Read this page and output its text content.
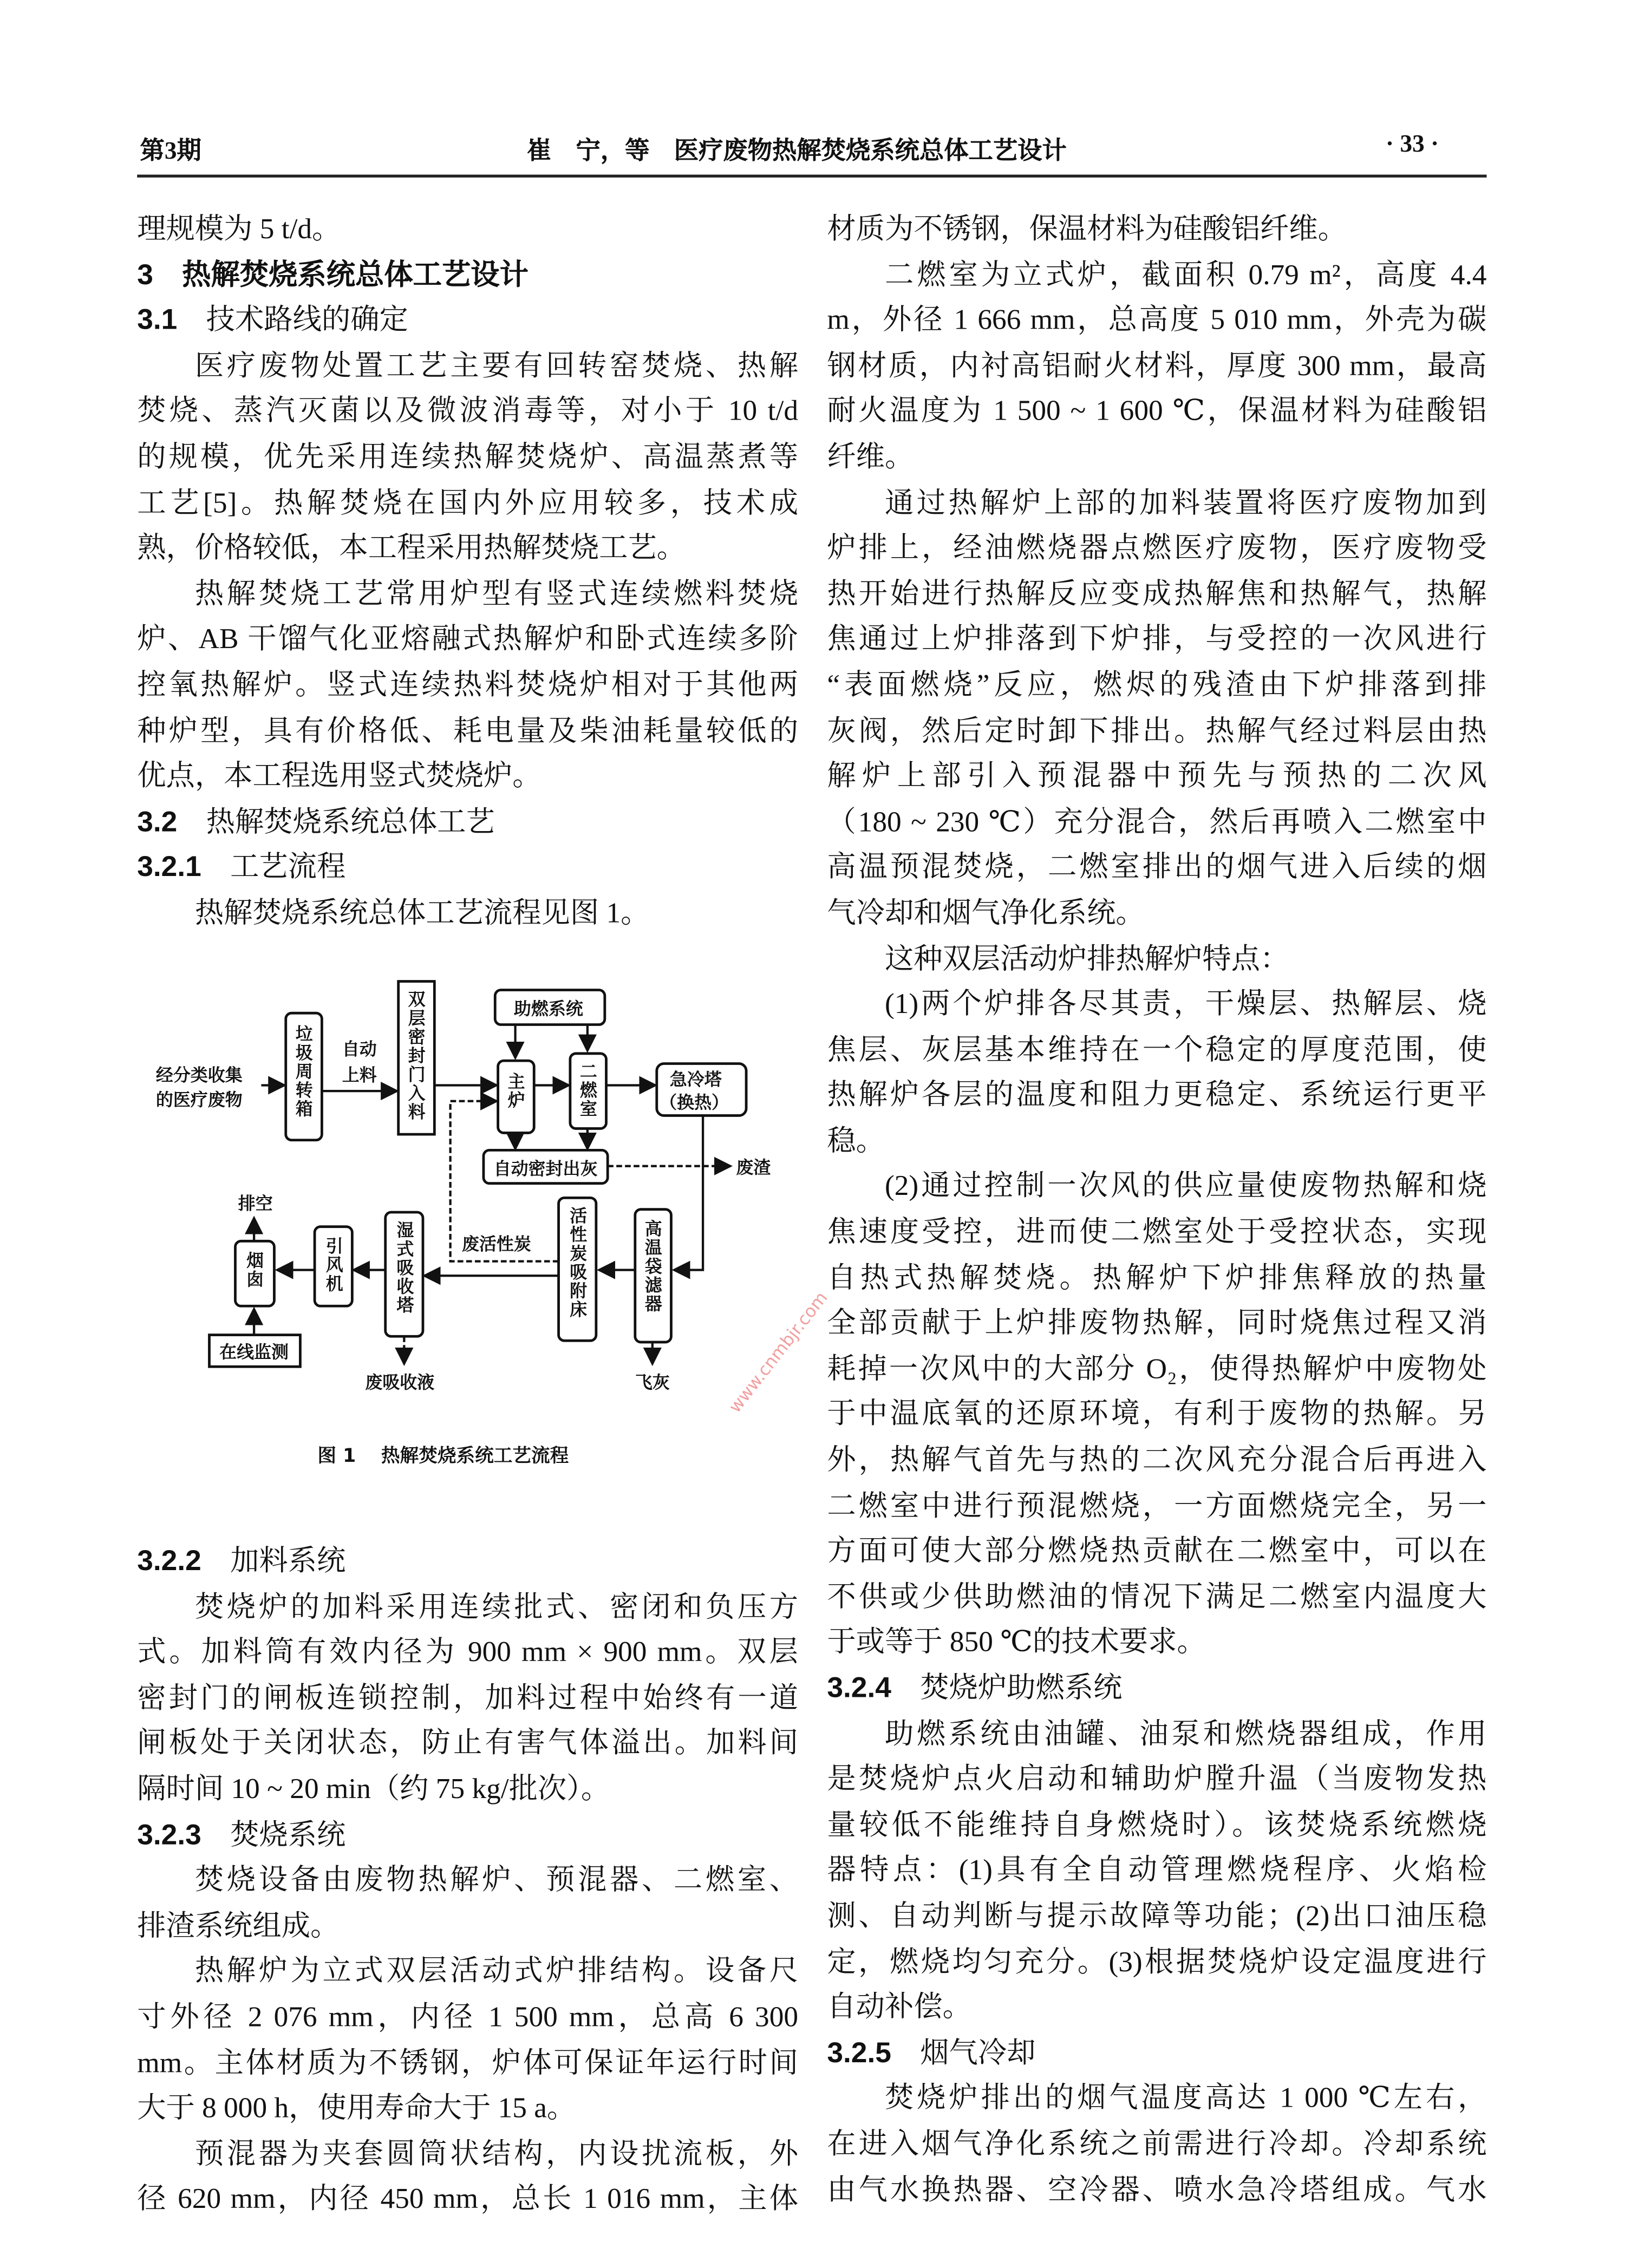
第3期	崔　宁，等　医疗废物热解焚烧系统总体工艺设计	· 33 ·
理规模为 5 t/d。
3	热解焚烧系统总体工艺设计
3.1	技术路线的确定
医疗废物处置工艺主要有回转窑焚烧、热解
焚烧、蒸汽灭菌以及微波消毒等，对小于 10 t/d
的规模，优先采用连续热解焚烧炉、高温蒸煮等
工艺[5]。热解焚烧在国内外应用较多，技术成
熟，价格较低，本工程采用热解焚烧工艺。
热解焚烧工艺常用炉型有竖式连续燃料焚烧
炉、AB 干馏气化亚熔融式热解炉和卧式连续多阶
控氧热解炉。竖式连续热料焚烧炉相对于其他两
种炉型，具有价格低、耗电量及柴油耗量较低的
优点，本工程选用竖式焚烧炉。
3.2	热解焚烧系统总体工艺
3.2.1	工艺流程
热解焚烧系统总体工艺流程见图 1。
3.2.2	加料系统
焚烧炉的加料采用连续批式、密闭和负压方
式。加料筒有效内径为 900 mm × 900 mm。双层
密封门的闸板连锁控制，加料过程中始终有一道
闸板处于关闭状态，防止有害气体溢出。加料间
隔时间 10 ~ 20 min（约 75 kg/批次）。
3.2.3	焚烧系统
焚烧设备由废物热解炉、预混器、二燃室、
排渣系统组成。
热解炉为立式双层活动式炉排结构。设备尺
寸外径 2 076 mm，内径 1 500 mm，总高 6 300
mm。主体材质为不锈钢，炉体可保证年运行时间
大于 8 000 h，使用寿命大于 15 a。
预混器为夹套圆筒状结构，内设扰流板，外
径 620 mm，内径 450 mm，总长 1 016 mm，主体
材质为不锈钢，保温材料为硅酸铝纤维。
二燃室为立式炉，截面积 0.79 m²，高度 4.4
m，外径 1 666 mm，总高度 5 010 mm，外壳为碳
钢材质，内衬高铝耐火材料，厚度 300 mm，最高
耐火温度为 1 500 ~ 1 600 ℃，保温材料为硅酸铝
纤维。
通过热解炉上部的加料装置将医疗废物加到
炉排上，经油燃烧器点燃医疗废物，医疗废物受
热开始进行热解反应变成热解焦和热解气，热解
焦通过上炉排落到下炉排，与受控的一次风进行
“表面燃烧”反应，燃烬的残渣由下炉排落到排
灰阀，然后定时卸下排出。热解气经过料层由热
解炉上部引入预混器中预先与预热的二次风
（180 ~ 230 ℃）充分混合，然后再喷入二燃室中
高温预混焚烧，二燃室排出的烟气进入后续的烟
气冷却和烟气净化系统。
这种双层活动炉排热解炉特点：
(1)两个炉排各尽其责，干燥层、热解层、烧
焦层、灰层基本维持在一个稳定的厚度范围，使
热解炉各层的温度和阻力更稳定、系统运行更平
稳。
(2)通过控制一次风的供应量使废物热解和烧
焦速度受控，进而使二燃室处于受控状态，实现
自热式热解焚烧。热解炉下炉排焦释放的热量
全部贡献于上炉排废物热解，同时烧焦过程又消
耗掉一次风中的大部分 O₂，使得热解炉中废物处
于中温底氧的还原环境，有利于废物的热解。另
外，热解气首先与热的二次风充分混合后再进入
二燃室中进行预混燃烧，一方面燃烧完全，另一
方面可使大部分燃烧热贡献在二燃室中，可以在
不供或少供助燃油的情况下满足二燃室内温度大
于或等于 850 ℃的技术要求。
3.2.4	焚烧炉助燃系统
助燃系统由油罐、油泵和燃烧器组成，作用
是焚烧炉点火启动和辅助炉膛升温（当废物发热
量较低不能维持自身燃烧时）。该焚烧系统燃烧
器特点：(1)具有全自动管理燃烧程序、火焰检
测、自动判断与提示故障等功能；(2)出口油压稳
定，燃烧均匀充分。(3)根据焚烧炉设定温度进行
自动补偿。
3.2.5	烟气冷却
焚烧炉排出的烟气温度高达 1 000 ℃左右，
在进入烟气净化系统之前需进行冷却。冷却系统
由气水换热器、空冷器、喷水急冷塔组成。气水
经分类收集
的医疗废物	垃圾周转箱	自动
上料	双层密封门入料	助燃系统
主炉	二燃室	急冷塔
（换热）
自动密封出灰	废渣
高温袋滤器
活性炭吸附床
废活性炭
湿式吸收塔
废吸收液
引风机
烟囱
排空
在线监测
飞灰
图 1　 热解焚烧系统工艺流程
www.cnmbjr.com
